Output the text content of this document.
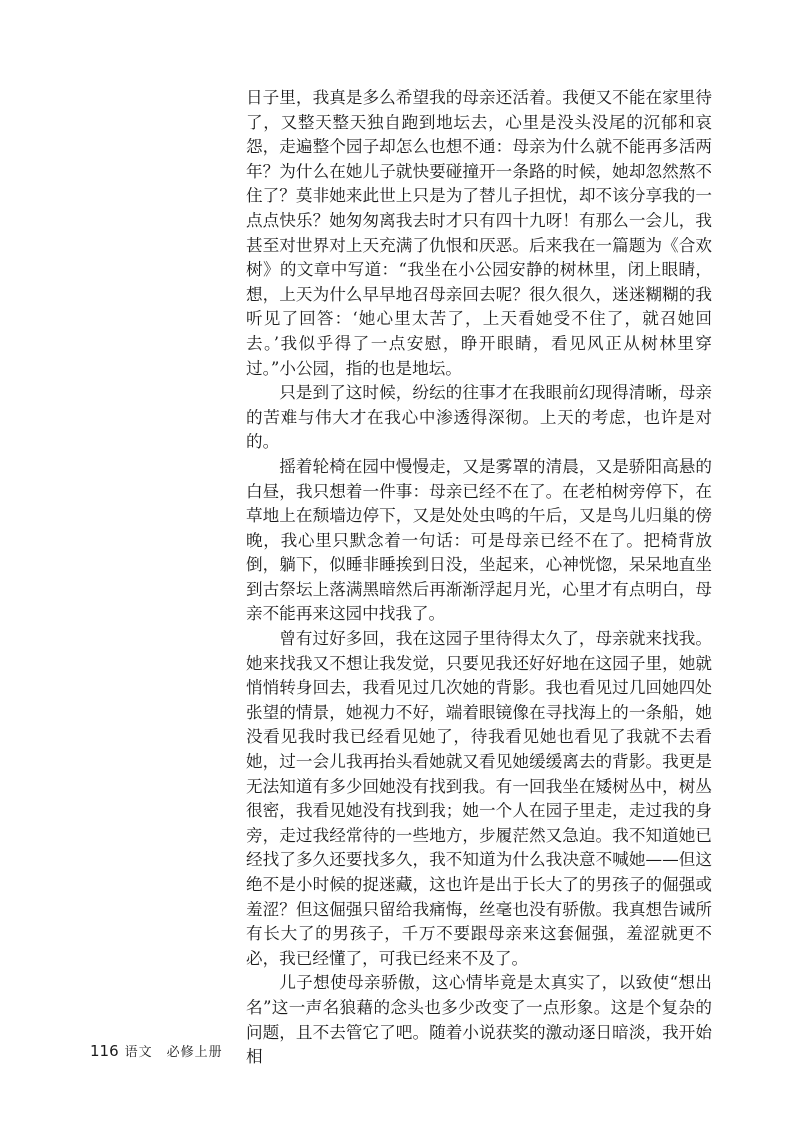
日子里，我真是多么希望我的母亲还活着。我便又不能在家里待了，又整天整天独自跑到地坛去，心里是没头没尾的沉郁和哀怨，走遍整个园子却怎么也想不通：母亲为什么就不能再多活两年？为什么在她儿子就快要碰撞开一条路的时候，她却忽然熬不住了？莫非她来此世上只是为了替儿子担忧，却不该分享我的一点点快乐？她匆匆离我去时才只有四十九呀！有那么一会儿，我甚至对世界对上天充满了仇恨和厌恶。后来我在一篇题为《合欢树》的文章中写道：“我坐在小公园安静的树林里，闭上眼睛，想，上天为什么早早地召母亲回去呢？很久很久，迷迷糊糊的我听见了回答：‘她心里太苦了，上天看她受不住了，就召她回去。’我似乎得了一点安慰，睁开眼睛，看见风正从树林里穿过。”小公园，指的也是地坛。

只是到了这时候，纷纭的往事才在我眼前幻现得清晰，母亲的苦难与伟大才在我心中渗透得深彻。上天的考虑，也许是对的。

摇着轮椅在园中慢慢走，又是雾罩的清晨，又是骄阳高悬的白昼，我只想着一件事：母亲已经不在了。在老柏树旁停下，在草地上在颓墙边停下，又是处处虫鸣的午后，又是鸟儿归巢的傍晚，我心里只默念着一句话：可是母亲已经不在了。把椅背放倒，躺下，似睡非睡挨到日没，坐起来，心神恍惚，呆呆地直坐到古祭坛上落满黑暗然后再渐渐浮起月光，心里才有点明白，母亲不能再来这园中找我了。

曾有过好多回，我在这园子里待得太久了，母亲就来找我。她来找我又不想让我发觉，只要见我还好好地在这园子里，她就悄悄转身回去，我看见过几次她的背影。我也看见过几回她四处张望的情景，她视力不好，端着眼镜像在寻找海上的一条船，她没看见我时我已经看见她了，待我看见她也看见了我就不去看她，过一会儿我再抬头看她就又看见她缓缓离去的背影。我更是无法知道有多少回她没有找到我。有一回我坐在矮树丛中，树丛很密，我看见她没有找到我；她一个人在园子里走，走过我的身旁，走过我经常待的一些地方，步履茫然又急迫。我不知道她已经找了多久还要找多久，我不知道为什么我决意不喊她——但这绝不是小时候的捉迷藏，这也许是出于长大了的男孩子的倔强或羞涩？但这倔强只留给我痛悔，丝毫也没有骄傲。我真想告诫所有长大了的男孩子，千万不要跟母亲来这套倔强，羞涩就更不必，我已经懂了，可我已经来不及了。

儿子想使母亲骄傲，这心情毕竟是太真实了，以致使“想出名”这一声名狼藉的念头也多少改变了一点形象。这是个复杂的问题，且不去管它了吧。随着小说获奖的激动逐日暗淡，我开始相

116 语文　必修上册
